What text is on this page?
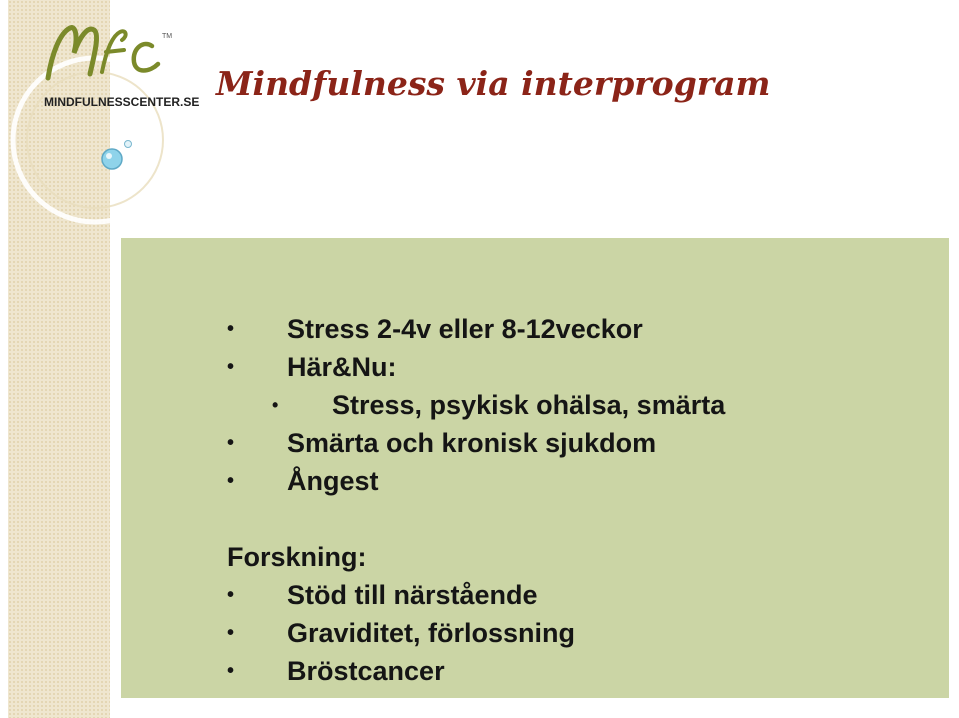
TM
MINDFULNESSCENTER.SE Mindfulness via interprogram
• Stress 2-4v eller 8-12veckor
• Här&Nu:
• Stress, psykisk ohälsa, smärta
• Smärta och kronisk sjukdom
• Ångest
Forskning:
• Stöd till närstående
• Graviditet, förlossning
• Bröstcancer
